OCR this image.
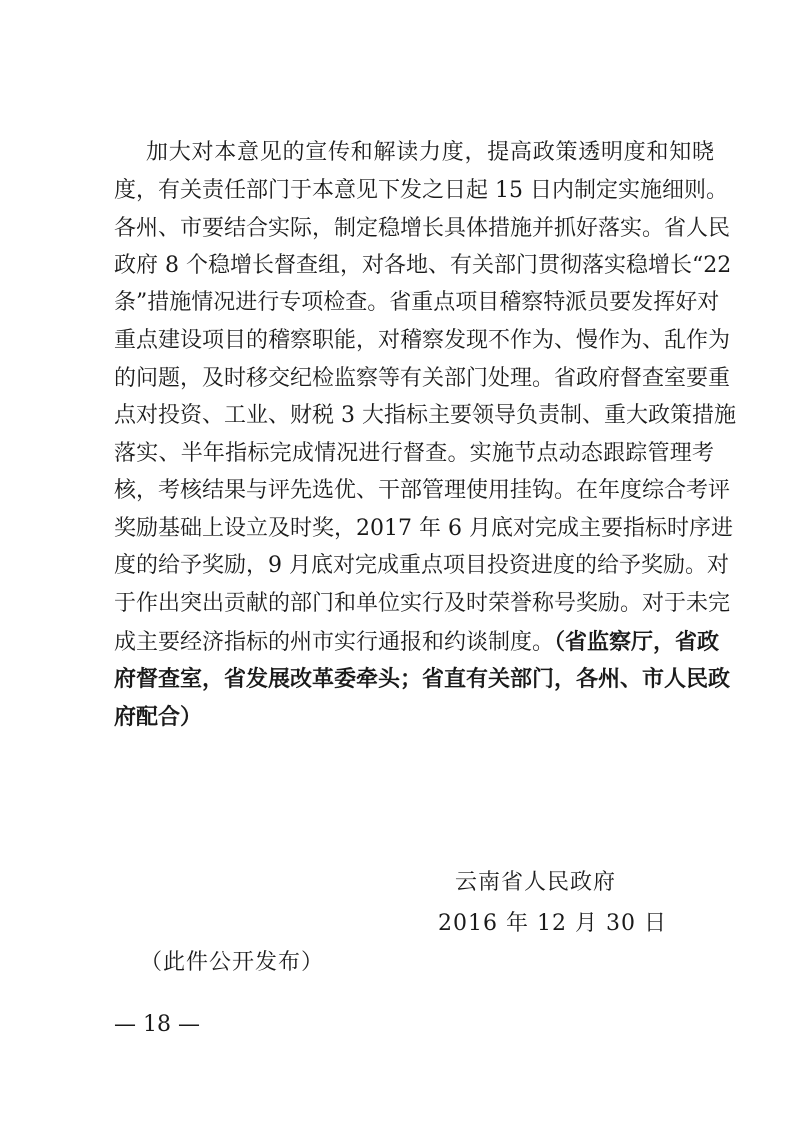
加大对本意见的宣传和解读力度，提高政策透明度和知晓
度，有关责任部门于本意见下发之日起 15 日内制定实施细则。
各州、市要结合实际，制定稳增长具体措施并抓好落实。省人民
政府 8 个稳增长督查组，对各地、有关部门贯彻落实稳增长“22
条”措施情况进行专项检查。省重点项目稽察特派员要发挥好对
重点建设项目的稽察职能，对稽察发现不作为、慢作为、乱作为
的问题，及时移交纪检监察等有关部门处理。省政府督查室要重
点对投资、工业、财税 3 大指标主要领导负责制、重大政策措施
落实、半年指标完成情况进行督查。实施节点动态跟踪管理考
核，考核结果与评先选优、干部管理使用挂钩。在年度综合考评
奖励基础上设立及时奖，2017 年 6 月底对完成主要指标时序进
度的给予奖励，9 月底对完成重点项目投资进度的给予奖励。对
于作出突出贡献的部门和单位实行及时荣誉称号奖励。对于未完
成主要经济指标的州市实行通报和约谈制度。（省监察厅，省政
府督查室，省发展改革委牵头；省直有关部门，各州、市人民政
府配合）
云南省人民政府
2016 年 12 月 30 日
（此件公开发布）
— 18 —
